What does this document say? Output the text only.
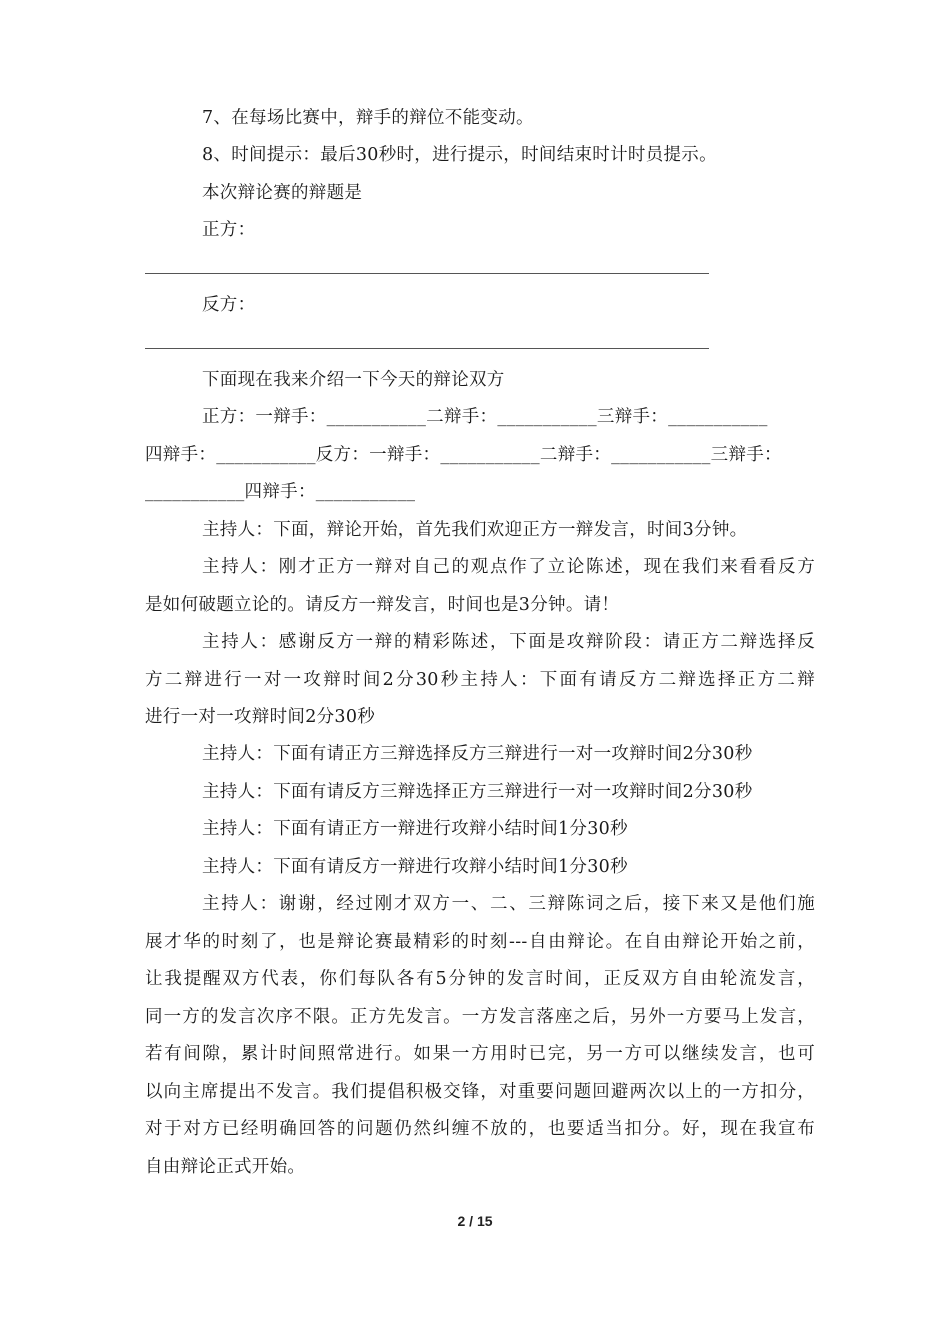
7、在每场比赛中，辩手的辩位不能变动。
8、时间提示：最后30秒时，进行提示，时间结束时计时员提示。
本次辩论赛的辩题是
正方：
反方：
下面现在我来介绍一下今天的辩论双方
正方：一辩手：___________二辩手：___________三辩手：___________
四辩手：___________反方：一辩手：___________二辩手：___________三辩手：
___________四辩手：___________
主持人：下面，辩论开始，首先我们欢迎正方一辩发言，时间3分钟。
主持人：刚才正方一辩对自己的观点作了立论陈述，现在我们来看看反方
是如何破题立论的。请反方一辩发言，时间也是3分钟。请！
主持人：感谢反方一辩的精彩陈述，下面是攻辩阶段：请正方二辩选择反
方二辩进行一对一攻辩时间2分30秒主持人：下面有请反方二辩选择正方二辩
进行一对一攻辩时间2分30秒
主持人：下面有请正方三辩选择反方三辩进行一对一攻辩时间2分30秒
主持人：下面有请反方三辩选择正方三辩进行一对一攻辩时间2分30秒
主持人：下面有请正方一辩进行攻辩小结时间1分30秒
主持人：下面有请反方一辩进行攻辩小结时间1分30秒
主持人：谢谢，经过刚才双方一、二、三辩陈词之后，接下来又是他们施
展才华的时刻了，也是辩论赛最精彩的时刻---自由辩论。在自由辩论开始之前，
让我提醒双方代表，你们每队各有5分钟的发言时间，正反双方自由轮流发言，
同一方的发言次序不限。正方先发言。一方发言落座之后，另外一方要马上发言，
若有间隙，累计时间照常进行。如果一方用时已完，另一方可以继续发言，也可
以向主席提出不发言。我们提倡积极交锋，对重要问题回避两次以上的一方扣分，
对于对方已经明确回答的问题仍然纠缠不放的，也要适当扣分。好，现在我宣布
自由辩论正式开始。
2 / 15
